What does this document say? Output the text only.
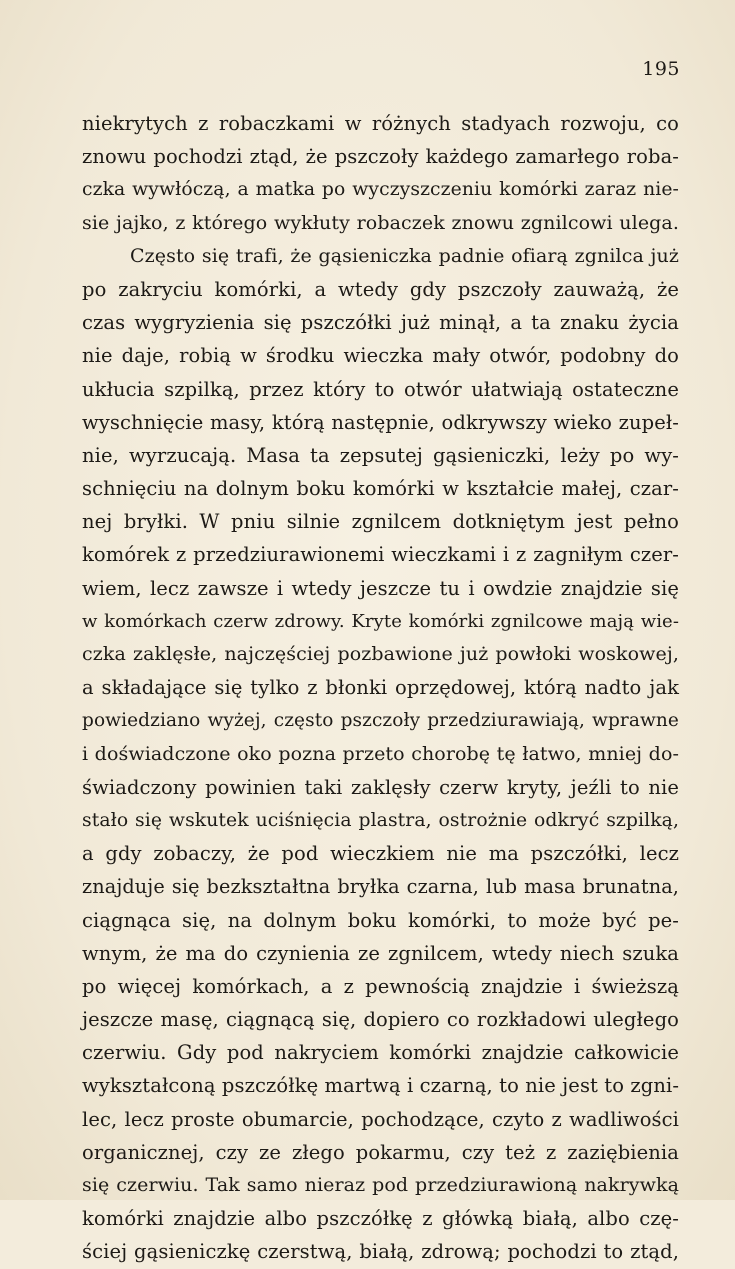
195
niekrytych z robaczkami w różnych stadyach rozwoju, co
znowu pochodzi ztąd, że pszczoły każdego zamarłego roba-
czka wywłóczą, a matka po wyczyszczeniu komórki zaraz nie-
sie jajko, z którego wykłuty robaczek znowu zgnilcowi ulega.
Często się trafi, że gąsieniczka padnie ofiarą zgnilca już
po zakryciu komórki, a wtedy gdy pszczoły zauważą, że
czas wygryzienia się pszczółki już minął, a ta znaku życia
nie daje, robią w środku wieczka mały otwór, podobny do
ukłucia szpilką, przez który to otwór ułatwiają ostateczne
wyschnięcie masy, którą następnie, odkrywszy wieko zupeł-
nie, wyrzucają. Masa ta zepsutej gąsieniczki, leży po wy-
schnięciu na dolnym boku komórki w kształcie małej, czar-
nej bryłki. W pniu silnie zgnilcem dotkniętym jest pełno
komórek z przedziurawionemi wieczkami i z zagniłym czer-
wiem, lecz zawsze i wtedy jeszcze tu i owdzie znajdzie się
w komórkach czerw zdrowy. Kryte komórki zgnilcowe mają wie-
czka zaklęsłe, najczęściej pozbawione już powłoki woskowej,
a składające się tylko z błonki oprzędowej, którą nadto jak
powiedziano wyżej, często pszczoły przedziurawiają, wprawne
i doświadczone oko pozna przeto chorobę tę łatwo, mniej do-
świadczony powinien taki zaklęsły czerw kryty, jeźli to nie
stało się wskutek uciśnięcia plastra, ostrożnie odkryć szpilką,
a gdy zobaczy, że pod wieczkiem nie ma pszczółki, lecz
znajduje się bezkształtna bryłka czarna, lub masa brunatna,
ciągnąca się, na dolnym boku komórki, to może być pe-
wnym, że ma do czynienia ze zgnilcem, wtedy niech szuka
po więcej komórkach, a z pewnością znajdzie i świeższą
jeszcze masę, ciągnącą się, dopiero co rozkładowi uległego
czerwiu. Gdy pod nakryciem komórki znajdzie całkowicie
wykształconą pszczółkę martwą i czarną, to nie jest to zgni-
lec, lecz proste obumarcie, pochodzące, czyto z wadliwości
organicznej, czy ze złego pokarmu, czy też z zaziębienia
się czerwiu. Tak samo nieraz pod przedziurawioną nakrywką
komórki znajdzie albo pszczółkę z główką białą, albo czę-
ściej gąsieniczkę czerstwą, białą, zdrową; pochodzi to ztąd,
